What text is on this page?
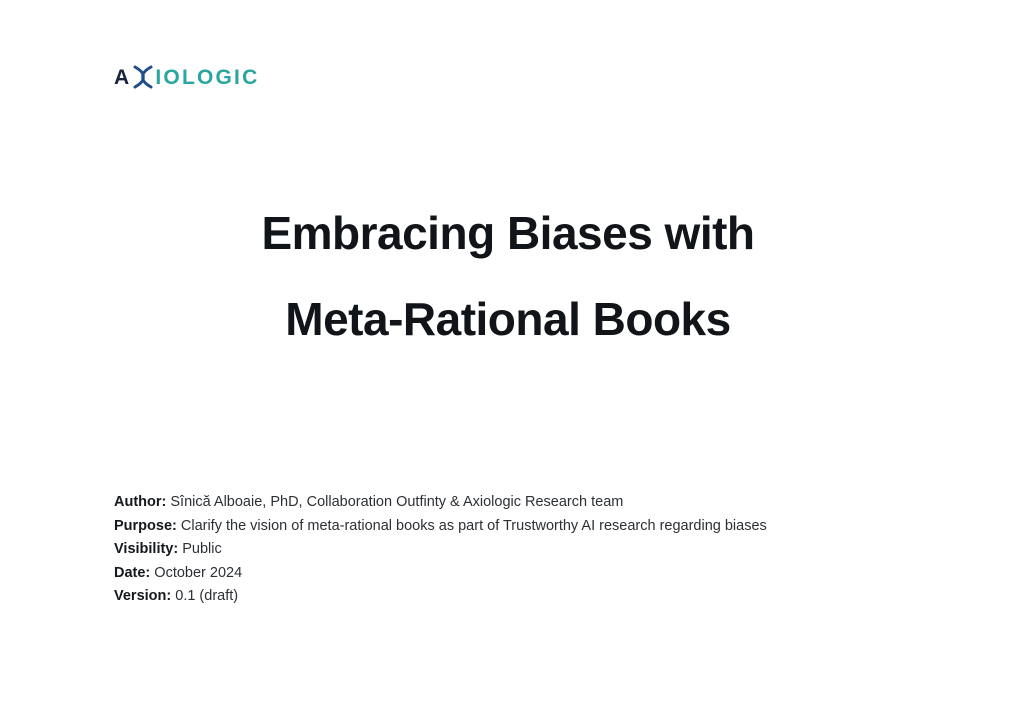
A IOLOGIC
Embracing Biases with
Meta-Rational Books
Author: Sînică Alboaie, PhD, Collaboration Outfinty & Axiologic Research team
Purpose: Clarify the vision of meta-rational books as part of Trustworthy AI research regarding biases
Visibility: Public
Date: October 2024
Version: 0.1 (draft)
